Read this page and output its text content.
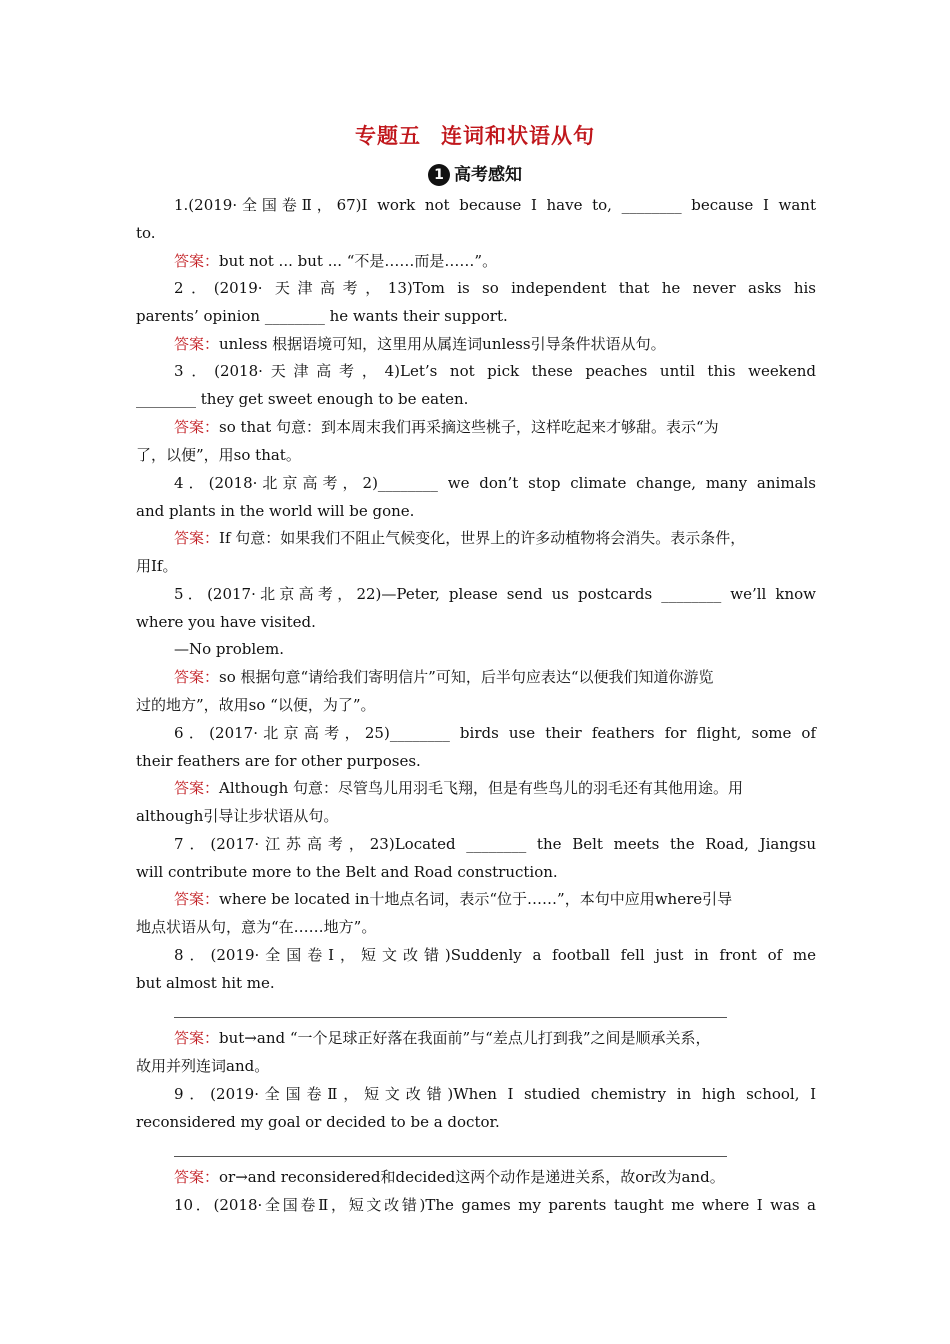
专题五 连词和状语从句
1 高考感知
1.(2019·全国卷Ⅱ，67)I work not because I have to, ________ because I want
to.
答案：but not ... but ... “不是……而是……”。
2．(2019· 天津高考，13)Tom is so independent that he never asks his
parents’ opinion ________ he wants their support.
答案：unless 根据语境可知，这里用从属连词unless引导条件状语从句。
3．(2018·天津高考，4)Let’s not pick these peaches until this weekend
________ they get sweet enough to be eaten.
答案：so that 句意：到本周末我们再采摘这些桃子，这样吃起来才够甜。表示“为
了，以便”，用so that。
4．(2018·北京高考，2)________ we don’t stop climate change, many animals
and plants in the world will be gone.
答案：If 句意：如果我们不阻止气候变化，世界上的许多动植物将会消失。表示条件，
用If。
5．(2017·北京高考，22)—Peter, please send us postcards ________ we’ll know
where you have visited.
—No problem.
答案：so 根据句意“请给我们寄明信片”可知，后半句应表达“以便我们知道你游览
过的地方”，故用so “以便，为了”。
6．(2017·北京高考，25)________ birds use their feathers for flight, some of
their feathers are for other purposes.
答案：Although 句意：尽管鸟儿用羽毛飞翔，但是有些鸟儿的羽毛还有其他用途。用
although引导让步状语从句。
7．(2017·江苏高考，23)Located ________ the Belt meets the Road, Jiangsu
will contribute more to the Belt and Road construction.
答案：where be located in十地点名词，表示“位于……”，本句中应用where引导
地点状语从句，意为“在……地方”。
8．(2019·全国卷Ⅰ，短文改错)Suddenly a football fell just in front of me
but almost hit me.
答案：but→and “一个足球正好落在我面前”与“差点儿打到我”之间是顺承关系，
故用并列连词and。
9．(2019·全国卷Ⅱ，短文改错)When I studied chemistry in high school, I
reconsidered my goal or decided to be a doctor.
答案：or→and reconsidered和decided这两个动作是递进关系，故or改为and。
10．(2018·全国卷Ⅱ，短文改错)The games my parents taught me where I was a
